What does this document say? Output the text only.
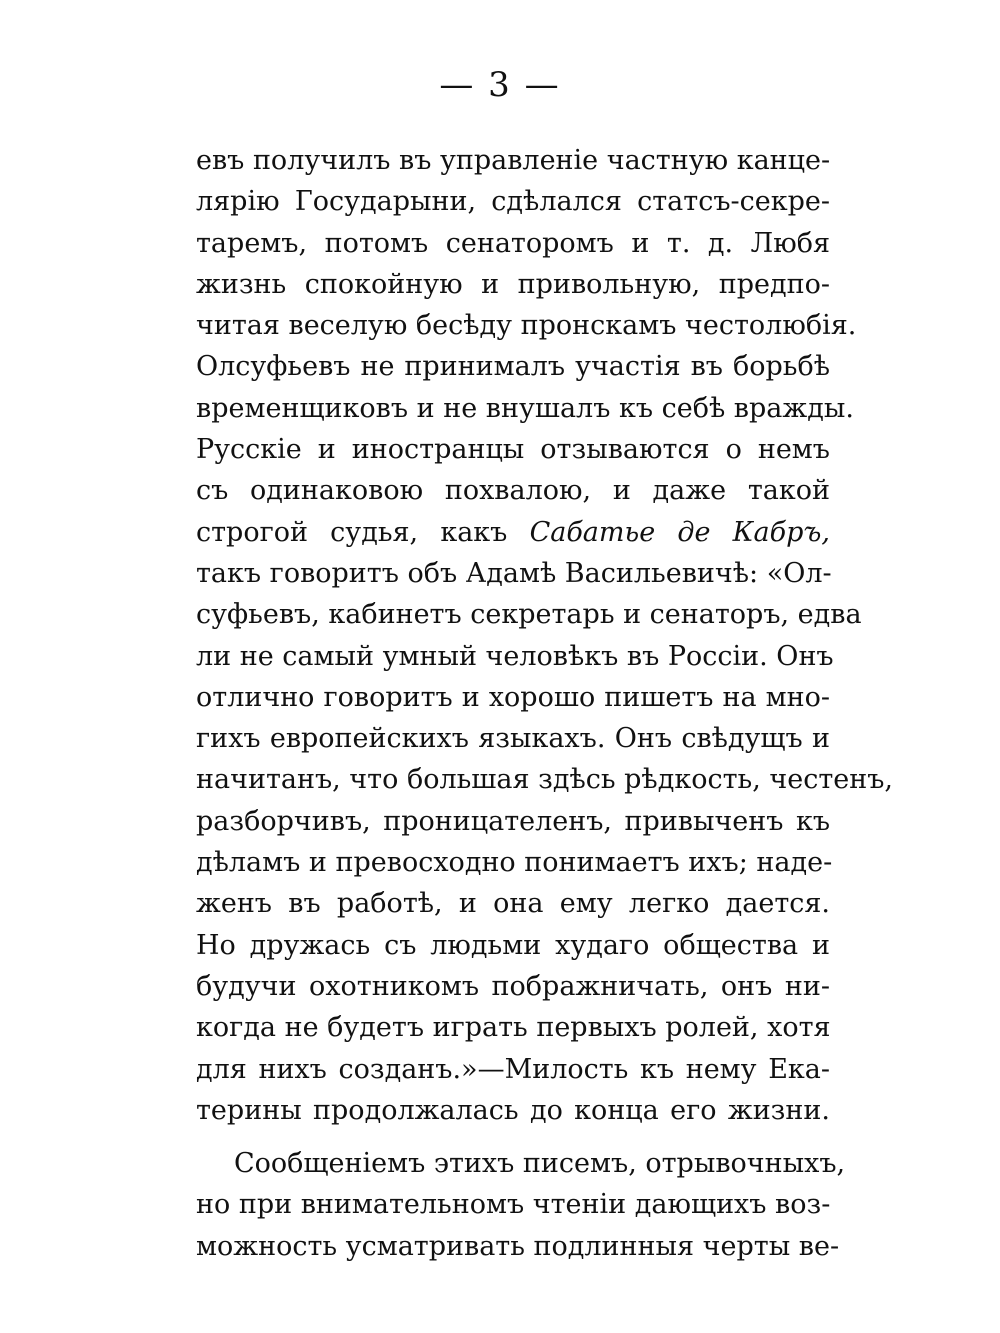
— 3 —
евъ получилъ въ управленіе частную канце-
лярію Государыни, сдѣлался статсъ-секре-
таремъ, потомъ сенаторомъ и т. д. Любя
жизнь спокойную и привольную, предпо-
читая веселую бесѣду пронскамъ честолюбія.
Олсуфьевъ не принималъ участія въ борьбѣ
временщиковъ и не внушалъ къ себѣ вражды.
Русскіе и иностранцы отзываются о немъ
съ одинаковою похвалою, и даже такой
строгой судья, какъ Сабатье де Кабръ,
такъ говоритъ объ Адамѣ Васильевичѣ: «Ол-
суфьевъ, кабинетъ секретарь и сенаторъ, едва
ли не самый умный человѣкъ въ Россіи. Онъ
отлично говоритъ и хорошо пишетъ на мно-
гихъ европейскихъ языкахъ. Онъ свѣдущъ и
начитанъ, что большая здѣсь рѣдкость, честенъ,
разборчивъ, проницателенъ, привыченъ къ
дѣламъ и превосходно понимаетъ ихъ; наде-
женъ въ работѣ, и она ему легко дается.
Но дружась съ людьми худаго общества и
будучи охотникомъ пображничать, онъ ни-
когда не будетъ играть первыхъ ролей, хотя
для нихъ созданъ.»—Милость къ нему Ека-
терины продолжалась до конца его жизни.
Сообщеніемъ этихъ писемъ, отрывочныхъ,
но при внимательномъ чтеніи дающихъ воз-
можность усматривать подлинныя черты ве-
